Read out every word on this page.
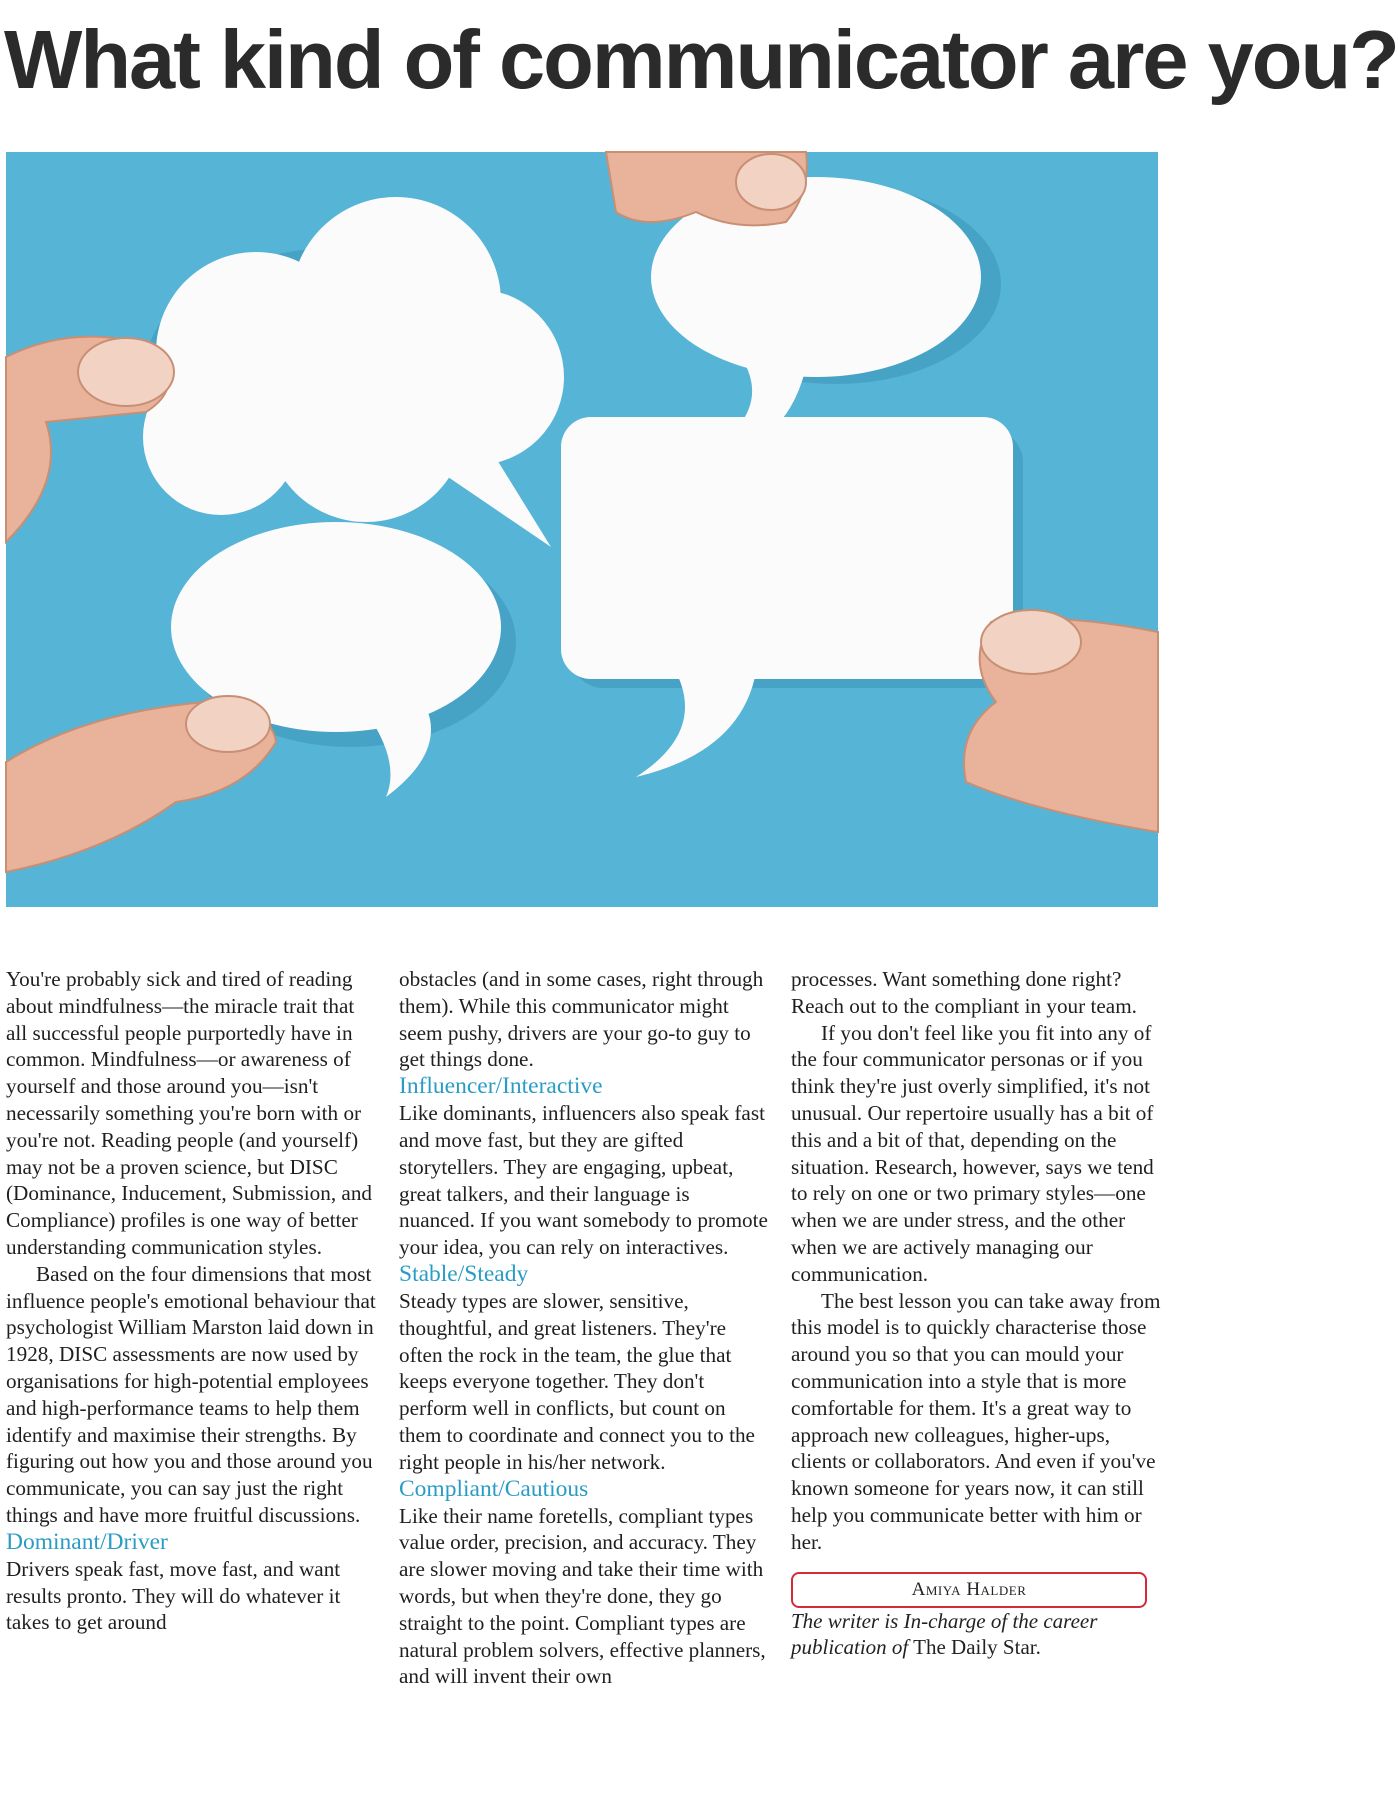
What kind of communicator are you?

You're probably sick and tired of reading about mindfulness—the miracle trait that all successful people purportedly have in common. Mindfulness—or awareness of yourself and those around you—isn't necessarily something you're born with or you're not. Reading people (and yourself) may not be a proven science, but DISC (Dominance, Inducement, Submission, and Compliance) profiles is one way of better understanding communication styles.

Based on the four dimensions that most influence people's emotional behaviour that psychologist William Marston laid down in 1928, DISC assessments are now used by organisations for high-potential employees and high-performance teams to help them identify and maximise their strengths. By figuring out how you and those around you communicate, you can say just the right things and have more fruitful discussions.

Dominant/Driver

Drivers speak fast, move fast, and want results pronto. They will do whatever it takes to get around

obstacles (and in some cases, right through them). While this communicator might seem pushy, drivers are your go-to guy to get things done.

Influencer/Interactive

Like dominants, influencers also speak fast and move fast, but they are gifted storytellers. They are engaging, upbeat, great talkers, and their language is nuanced. If you want somebody to promote your idea, you can rely on interactives.

Stable/Steady

Steady types are slower, sensitive, thoughtful, and great listeners. They're often the rock in the team, the glue that keeps everyone together. They don't perform well in conflicts, but count on them to coordinate and connect you to the right people in his/her network.

Compliant/Cautious

Like their name foretells, compliant types value order, precision, and accuracy. They are slower moving and take their time with words, but when they're done, they go straight to the point. Compliant types are natural problem solvers, effective planners, and will invent their own

processes. Want something done right? Reach out to the compliant in your team.

If you don't feel like you fit into any of the four communicator personas or if you think they're just overly simplified, it's not unusual. Our repertoire usually has a bit of this and a bit of that, depending on the situation. Research, however, says we tend to rely on one or two primary styles—one when we are under stress, and the other when we are actively managing our communication.

The best lesson you can take away from this model is to quickly characterise those around you so that you can mould your communication into a style that is more comfortable for them. It's a great way to approach new colleagues, higher-ups, clients or collaborators. And even if you've known someone for years now, it can still help you communicate better with him or her.

Amiya Halder

The writer is In-charge of the career publication of The Daily Star.
